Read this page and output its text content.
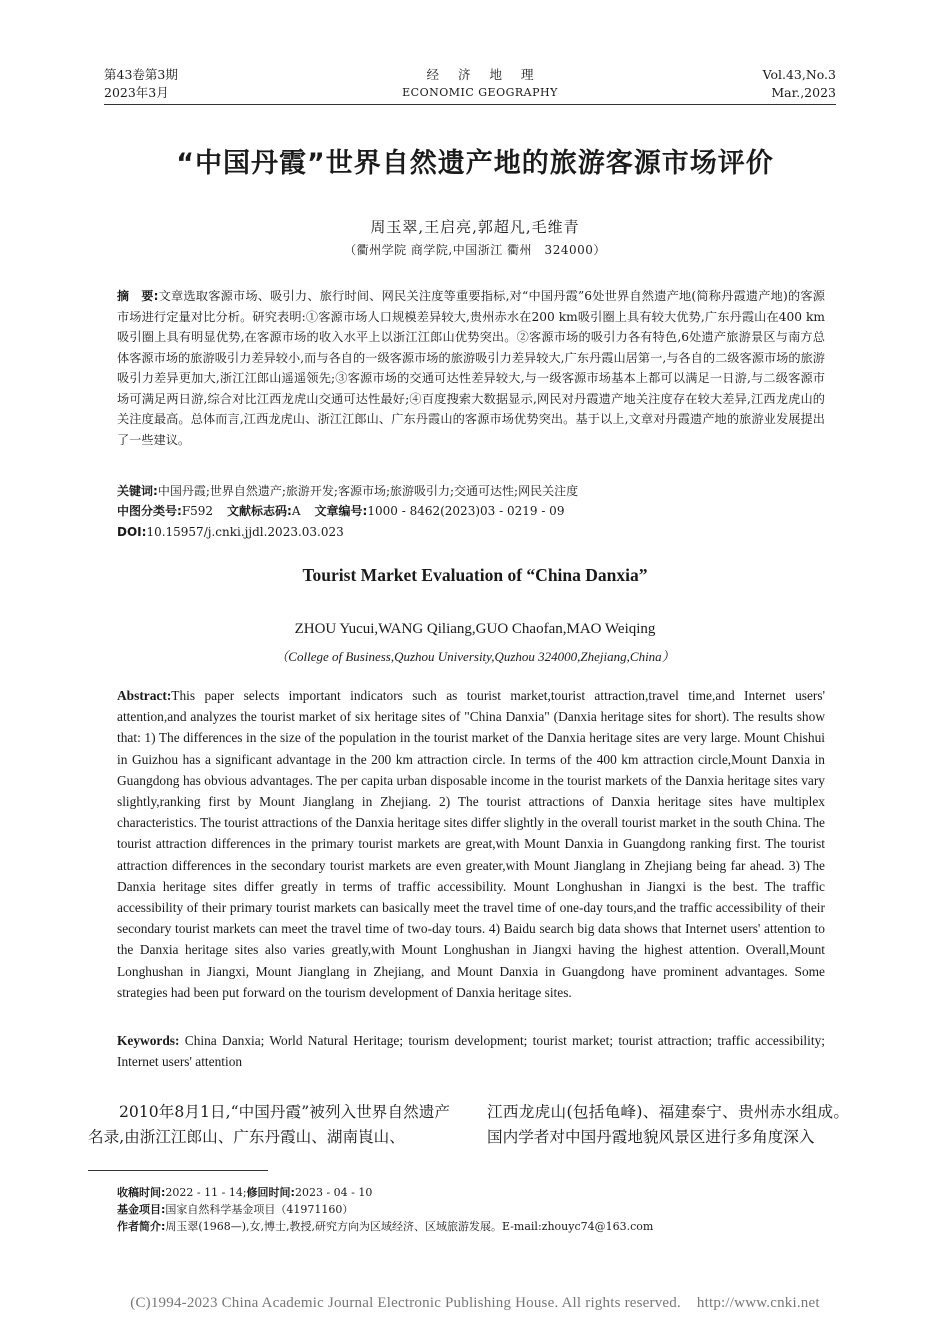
第43卷第3期
2023年3月
经济地理
ECONOMIC GEOGRAPHY
Vol.43,No.3
Mar.,2023
“中国丹霞”世界自然遗产地的旅游客源市场评价
周玉翠,王启亮,郭超凡,毛维青
（衢州学院 商学院,中国浙江 衢州　324000）
摘　要:文章选取客源市场、吸引力、旅行时间、网民关注度等重要指标,对“中国丹霞”6处世界自然遗产地(简称丹霞遗产地)的客源市场进行定量对比分析。研究表明:①客源市场人口规模差异较大,贵州赤水在200 km吸引圈上具有较大优势,广东丹霞山在400 km吸引圈上具有明显优势,在客源市场的收入水平上以浙江江郎山优势突出。②客源市场的吸引力各有特色,6处遗产旅游景区与南方总体客源市场的旅游吸引力差异较小,而与各自的一级客源市场的旅游吸引力差异较大,广东丹霞山居第一,与各自的二级客源市场的旅游吸引力差异更加大,浙江江郎山遥遥领先;③客源市场的交通可达性差异较大,与一级客源市场基本上都可以满足一日游,与二级客源市场可满足两日游,综合对比江西龙虎山交通可达性最好;④百度搜索大数据显示,网民对丹霞遗产地关注度存在较大差异,江西龙虎山的关注度最高。总体而言,江西龙虎山、浙江江郎山、广东丹霞山的客源市场优势突出。基于以上,文章对丹霞遗产地的旅游业发展提出了一些建议。
关键词:中国丹霞;世界自然遗产;旅游开发;客源市场;旅游吸引力;交通可达性;网民关注度
中图分类号:F592 文献标志码:A 文章编号:1000 - 8462(2023)03 - 0219 - 09
DOI:10.15957/j.cnki.jjdl.2023.03.023
Tourist Market Evaluation of “China Danxia”
ZHOU Yucui,WANG Qiliang,GUO Chaofan,MAO Weiqing
（College of Business,Quzhou University,Quzhou 324000,Zhejiang,China）
Abstract:This paper selects important indicators such as tourist market,tourist attraction,travel time,and Internet users' attention,and analyzes the tourist market of six heritage sites of "China Danxia" (Danxia heritage sites for short). The results show that: 1) The differences in the size of the population in the tourist market of the Danxia heritage sites are very large. Mount Chishui in Guizhou has a significant advantage in the 200 km attraction circle. In terms of the 400 km attraction circle,Mount Danxia in Guangdong has obvious advantages. The per capita urban disposable income in the tourist markets of the Danxia heritage sites vary slightly,ranking first by Mount Jianglang in Zhejiang. 2) The tourist attractions of Danxia heritage sites have multiplex characteristics. The tourist attractions of the Danxia heritage sites differ slightly in the overall tourist market in the south China. The tourist attraction differences in the primary tourist markets are great,with Mount Danxia in Guangdong ranking first. The tourist attraction differences in the secondary tourist markets are even greater,with Mount Jianglang in Zhejiang being far ahead. 3) The Danxia heritage sites differ greatly in terms of traffic accessibility. Mount Longhushan in Jiangxi is the best. The traffic accessibility of their primary tourist markets can basically meet the travel time of one-day tours,and the traffic accessibility of their secondary tourist markets can meet the travel time of two-day tours. 4) Baidu search big data shows that Internet users' attention to the Danxia heritage sites also varies greatly,with Mount Longhushan in Jiangxi having the highest attention. Overall,Mount Longhushan in Jiangxi, Mount Jianglang in Zhejiang, and Mount Danxia in Guangdong have prominent advantages. Some strategies had been put forward on the tourism development of Danxia heritage sites.
Keywords: China Danxia; World Natural Heritage; tourism development; tourist market; tourist attraction; traffic accessibility; Internet users' attention
2010年8月1日,“中国丹霞”被列入世界自然遗产名录,由浙江江郎山、广东丹霞山、湖南崀山、
江西龙虎山(包括龟峰)、福建泰宁、贵州赤水组成。国内学者对中国丹霞地貌风景区进行多角度深入
收稿时间:2022 - 11 - 14;修回时间:2023 - 04 - 10
基金项目:国家自然科学基金项目（41971160）
作者简介:周玉翠(1968—),女,博士,教授,研究方向为区域经济、区域旅游发展。E-mail:zhouyc74@163.com
(C)1994-2023 China Academic Journal Electronic Publishing House. All rights reserved. http://www.cnki.net
